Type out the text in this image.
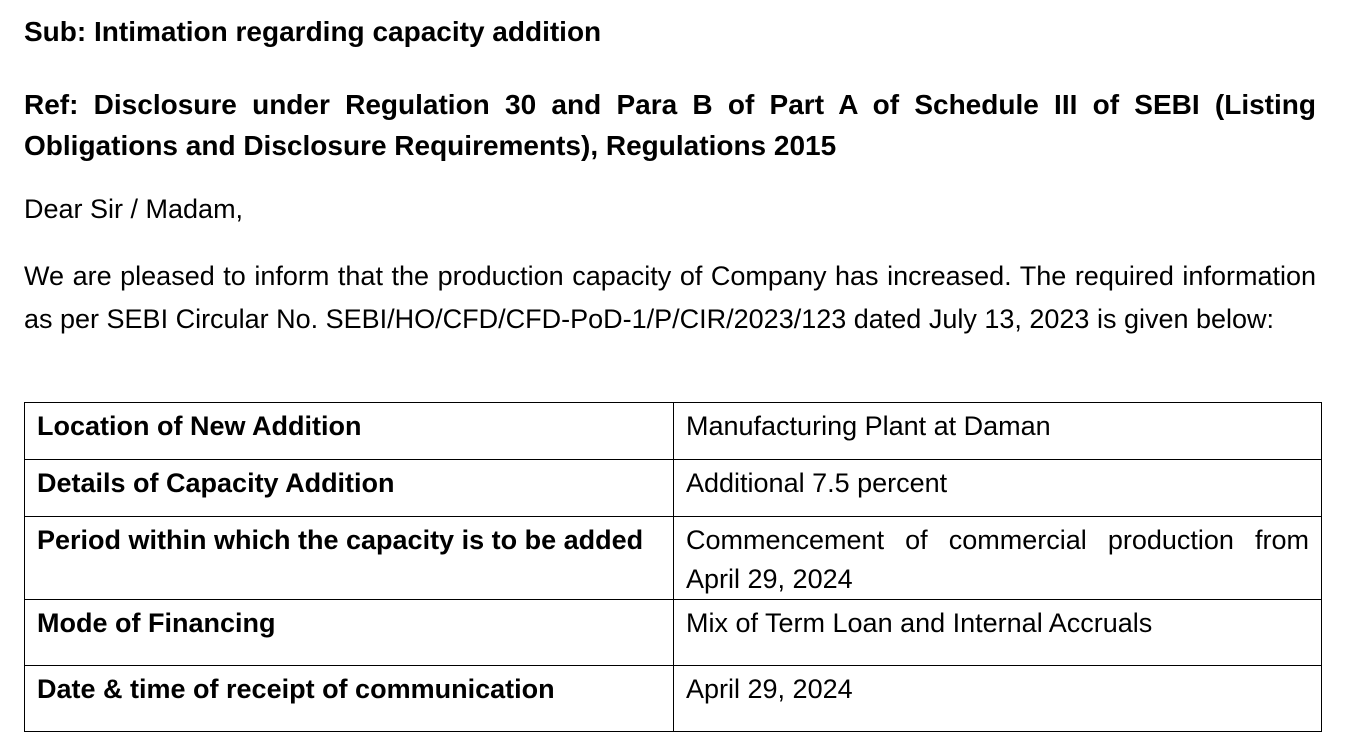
Sub: Intimation regarding capacity addition
Ref: Disclosure under Regulation 30 and Para B of Part A of Schedule III of SEBI (Listing Obligations and Disclosure Requirements), Regulations 2015
Dear Sir / Madam,
We are pleased to inform that the production capacity of Company has increased. The required information as per SEBI Circular No. SEBI/HO/CFD/CFD-PoD-1/P/CIR/2023/123 dated July 13, 2023 is given below:
Location of New Addition	Manufacturing Plant at Daman
Details of Capacity Addition	Additional 7.5 percent
Period within which the capacity is to be added	Commencement of commercial production from April 29, 2024
Mode of Financing	Mix of Term Loan and Internal Accruals
Date & time of receipt of communication	April 29, 2024
